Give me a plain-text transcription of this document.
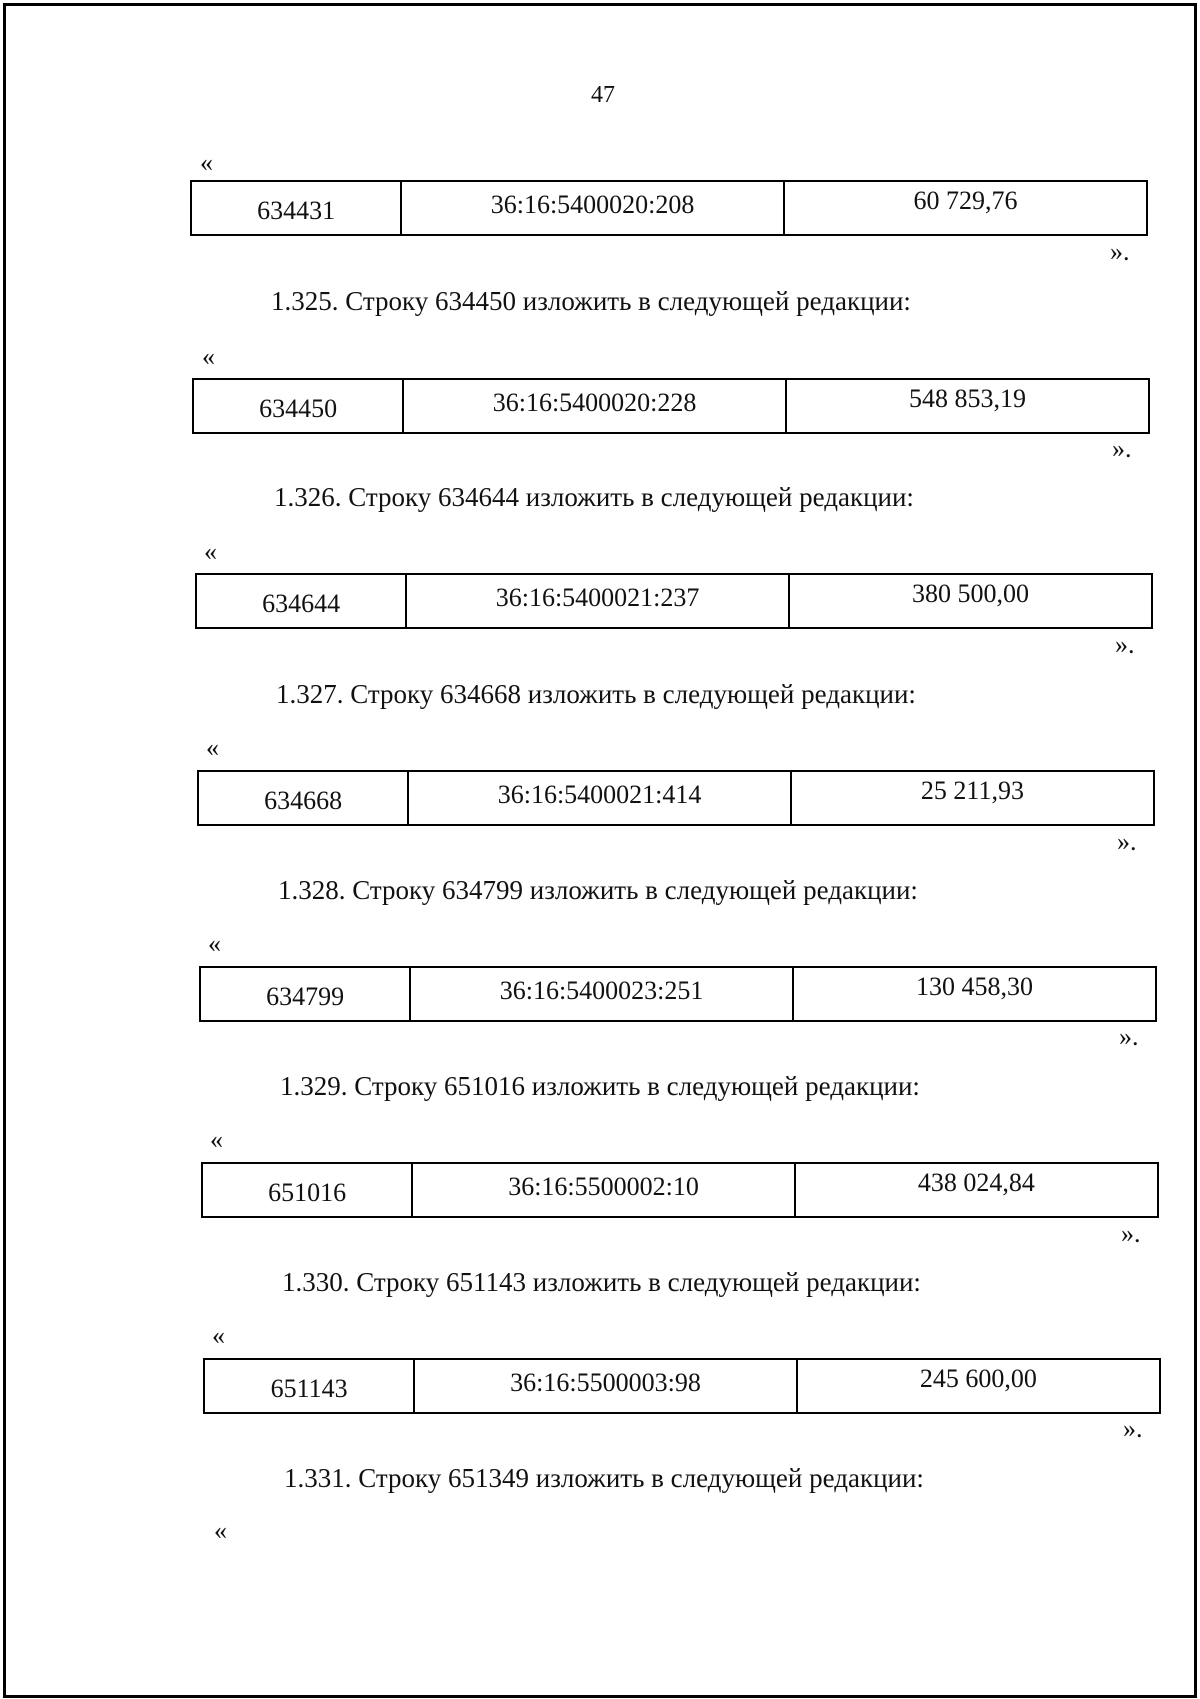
47
«
634431	36:16:5400020:208	60 729,76
».
1.325. Строку 634450 изложить в следующей редакции:
«
634450	36:16:5400020:228	548 853,19
».
1.326. Строку 634644 изложить в следующей редакции:
«
634644	36:16:5400021:237	380 500,00
».
1.327. Строку 634668 изложить в следующей редакции:
«
634668	36:16:5400021:414	25 211,93
».
1.328. Строку 634799 изложить в следующей редакции:
«
634799	36:16:5400023:251	130 458,30
».
1.329. Строку 651016 изложить в следующей редакции:
«
651016	36:16:5500002:10	438 024,84
».
1.330. Строку 651143 изложить в следующей редакции:
«
651143	36:16:5500003:98	245 600,00
».
1.331. Строку 651349 изложить в следующей редакции:
«
